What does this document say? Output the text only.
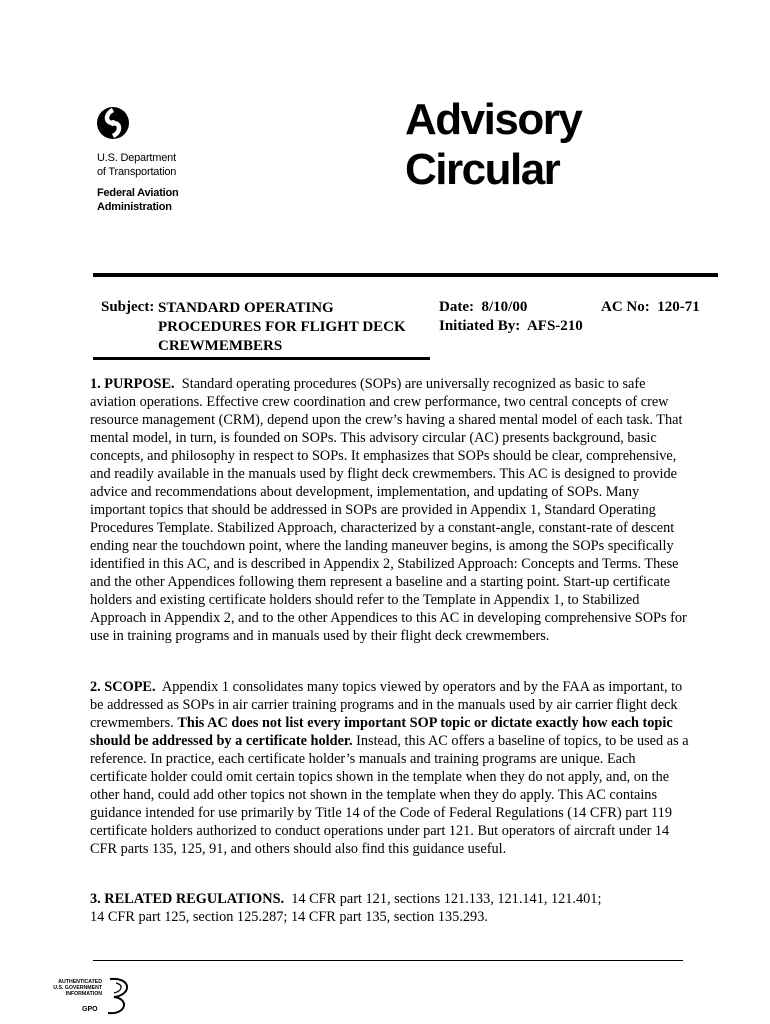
U.S. Department
of Transportation
Federal Aviation
Administration
Advisory
Circular
Subject: STANDARD OPERATING
PROCEDURES FOR FLIGHT DECK
CREWMEMBERS
Date: 8/10/00
Initiated By: AFS-210
AC No: 120-71
1. PURPOSE. Standard operating procedures (SOPs) are universally recognized as basic to safe aviation operations. Effective crew coordination and crew performance, two central concepts of crew resource management (CRM), depend upon the crew’s having a shared mental model of each task. That mental model, in turn, is founded on SOPs. This advisory circular (AC) presents background, basic concepts, and philosophy in respect to SOPs. It emphasizes that SOPs should be clear, comprehensive, and readily available in the manuals used by flight deck crewmembers. This AC is designed to provide advice and recommendations about development, implementation, and updating of SOPs. Many important topics that should be addressed in SOPs are provided in Appendix 1, Standard Operating Procedures Template. Stabilized Approach, characterized by a constant-angle, constant-rate of descent ending near the touchdown point, where the landing maneuver begins, is among the SOPs specifically identified in this AC, and is described in Appendix 2, Stabilized Approach: Concepts and Terms. These and the other Appendices following them represent a baseline and a starting point. Start-up certificate holders and existing certificate holders should refer to the Template in Appendix 1, to Stabilized Approach in Appendix 2, and to the other Appendices to this AC in developing comprehensive SOPs for use in training programs and in manuals used by their flight deck crewmembers.
2. SCOPE. Appendix 1 consolidates many topics viewed by operators and by the FAA as important, to be addressed as SOPs in air carrier training programs and in the manuals used by air carrier flight deck crewmembers. This AC does not list every important SOP topic or dictate exactly how each topic should be addressed by a certificate holder. Instead, this AC offers a baseline of topics, to be used as a reference. In practice, each certificate holder’s manuals and training programs are unique. Each certificate holder could omit certain topics shown in the template when they do not apply, and, on the other hand, could add other topics not shown in the template when they do apply. This AC contains guidance intended for use primarily by Title 14 of the Code of Federal Regulations (14 CFR) part 119 certificate holders authorized to conduct operations under part 121. But operators of aircraft under 14 CFR parts 135, 125, 91, and others should also find this guidance useful.
3. RELATED REGULATIONS. 14 CFR part 121, sections 121.133, 121.141, 121.401;
14 CFR part 125, section 125.287; 14 CFR part 135, section 135.293.
AUTHENTICATED
U.S. GOVERNMENT
INFORMATION
GPO
